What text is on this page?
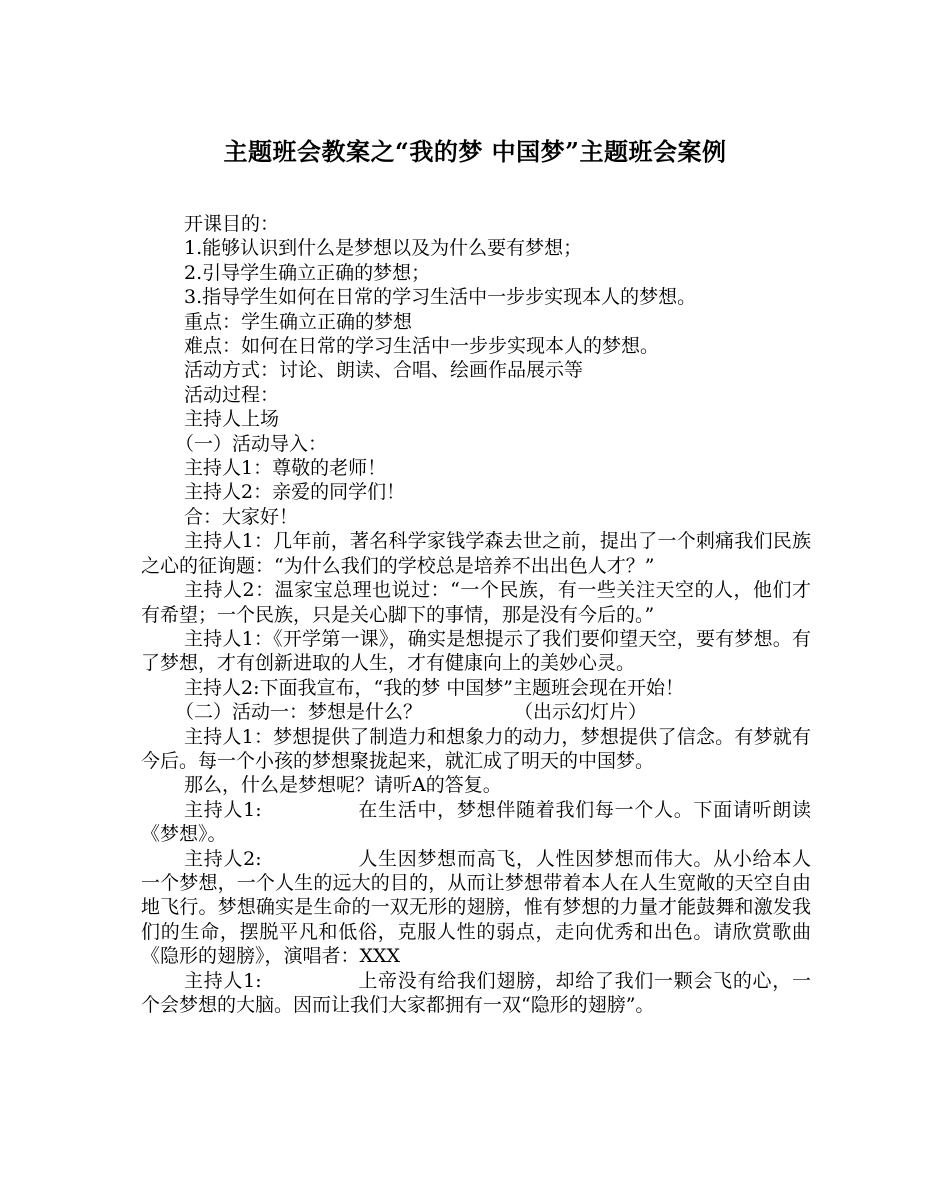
主题班会教案之“我的梦 中国梦”主题班会案例

开课目的：

1.能够认识到什么是梦想以及为什么要有梦想；

2.引导学生确立正确的梦想；

3.指导学生如何在日常的学习生活中一步步实现本人的梦想。

重点：学生确立正确的梦想

难点：如何在日常的学习生活中一步步实现本人的梦想。

活动方式：讨论、朗读、合唱、绘画作品展示等

活动过程：

主持人上场

（一）活动导入：

主持人1：尊敬的老师！

主持人2：亲爱的同学们！

合：大家好！

主持人1：几年前，著名科学家钱学森去世之前，提出了一个刺痛我们民族之心的征询题：“为什么我们的学校总是培养不出出色人才？”

主持人2：温家宝总理也说过：“一个民族，有一些关注天空的人，他们才有希望；一个民族，只是关心脚下的事情，那是没有今后的。”

主持人1：《开学第一课》，确实是想提示了我们要仰望天空，要有梦想。有了梦想，才有创新进取的人生，才有健康向上的美妙心灵。

主持人2:下面我宣布，“我的梦 中国梦”主题班会现在开始！

（二）活动一：梦想是什么？	（出示幻灯片）

主持人1：梦想提供了制造力和想象力的动力，梦想提供了信念。有梦就有今后。每一个小孩的梦想聚拢起来，就汇成了明天的中国梦。

那么，什么是梦想呢？请听A的答复。

主持人1:	在生活中，梦想伴随着我们每一个人。下面请听朗读《梦想》。

主持人2:	人生因梦想而高飞，人性因梦想而伟大。从小给本人一个梦想，一个人生的远大的目的，从而让梦想带着本人在人生宽敞的天空自由地飞行。梦想确实是生命的一双无形的翅膀，惟有梦想的力量才能鼓舞和激发我们的生命，摆脱平凡和低俗，克服人性的弱点，走向优秀和出色。请欣赏歌曲《隐形的翅膀》，演唱者：XXX

主持人1:	上帝没有给我们翅膀，却给了我们一颗会飞的心，一个会梦想的大脑。因而让我们大家都拥有一双“隐形的翅膀”。
